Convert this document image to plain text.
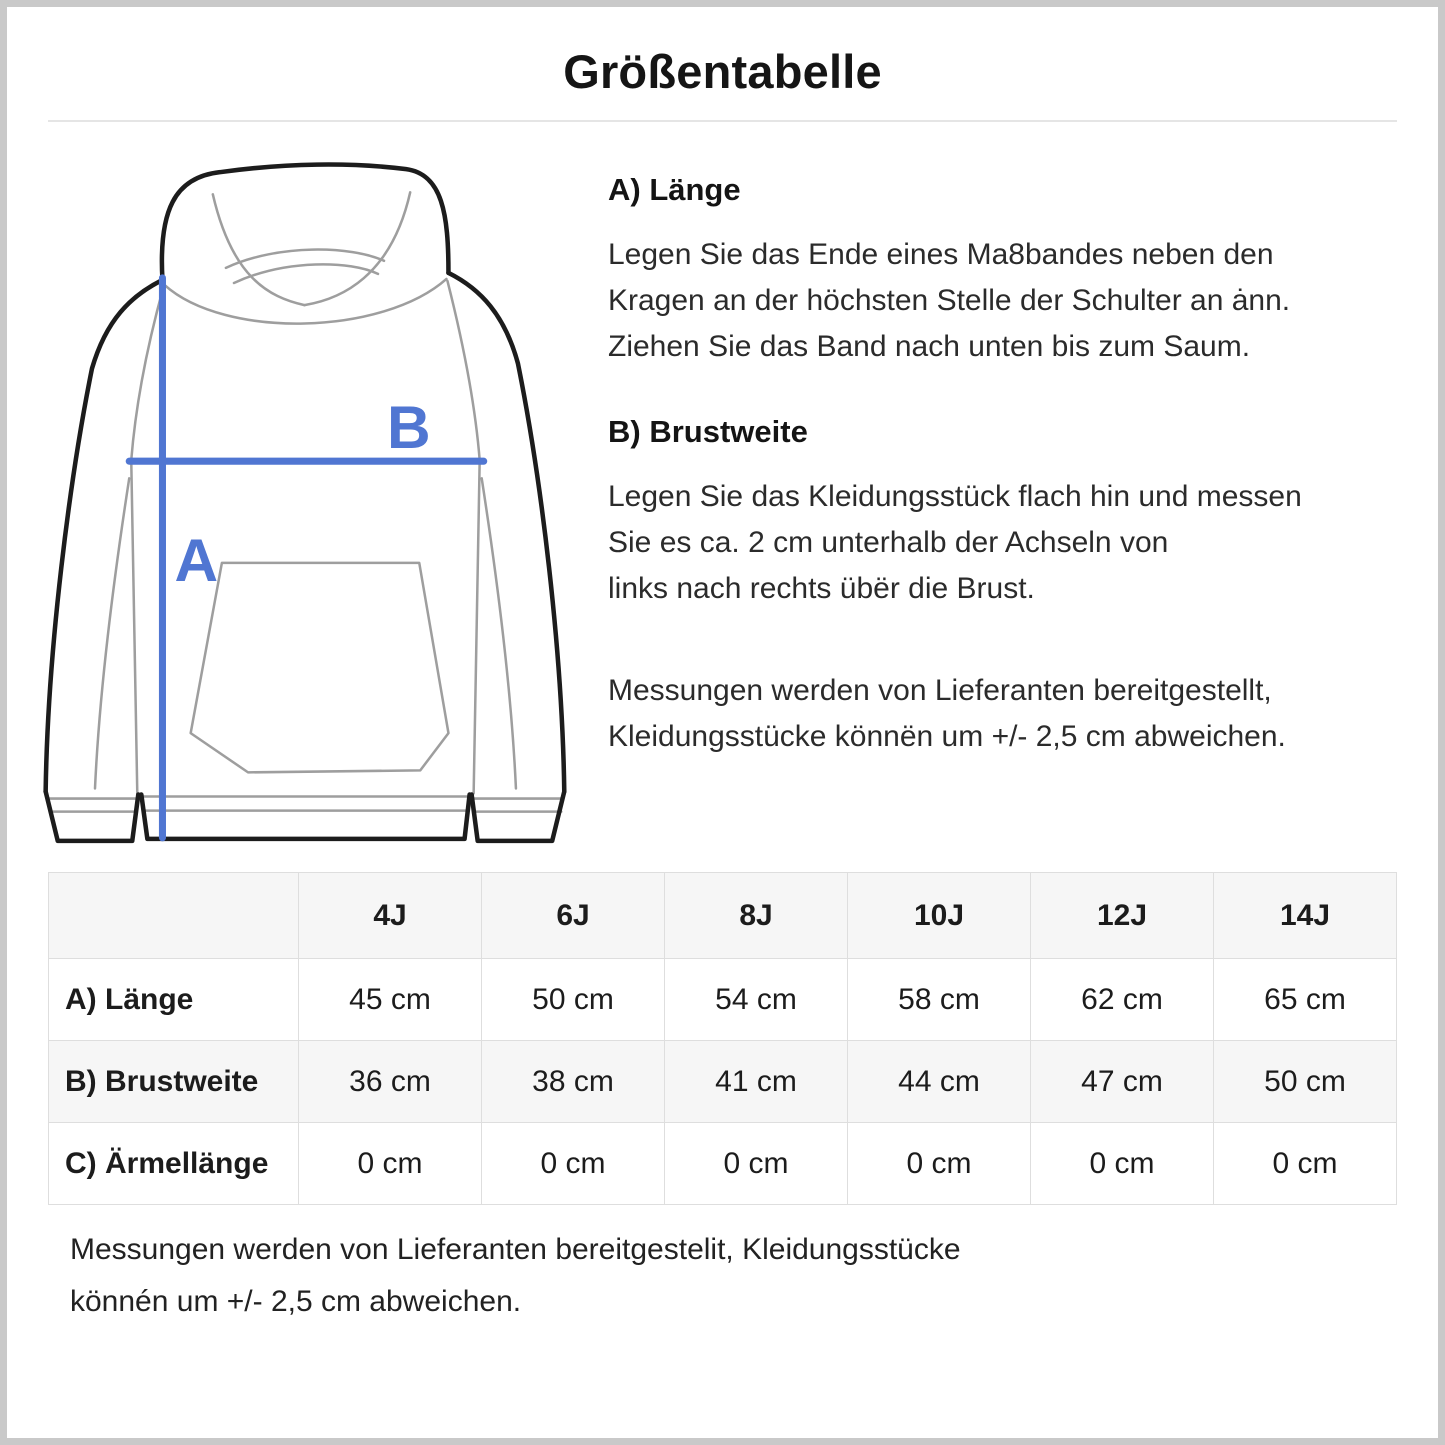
Größentabelle
A
B
A) Länge
Legen Sie das Ende eines Ma8bandes neben den
Kragen an der höchsten Stelle der Schulter an ȧnn.
Ziehen Sie das Band nach unten bis zum Saum.
B) Brustweite
Legen Sie das Kleidungsstück flach hin und messen
Sie es ca. 2 cm unterhalb der Achseln von
links nach rechts übër die Brust.
Messungen werden von Lieferanten bereitgestellt,
Kleidungsstücke könnën um +/- 2,5 cm abweichen.
	4J	6J	8J	10J	12J	14J
A) Länge	45 cm	50 cm	54 cm	58 cm	62 cm	65 cm
B) Brustweite	36 cm	38 cm	41 cm	44 cm	47 cm	50 cm
C) Ärmellänge	0 cm	0 cm	0 cm	0 cm	0 cm	0 cm
Messungen werden von Lieferanten bereitgestelit, Kleidungsstücke
könnén um +/- 2,5 cm abweichen.
